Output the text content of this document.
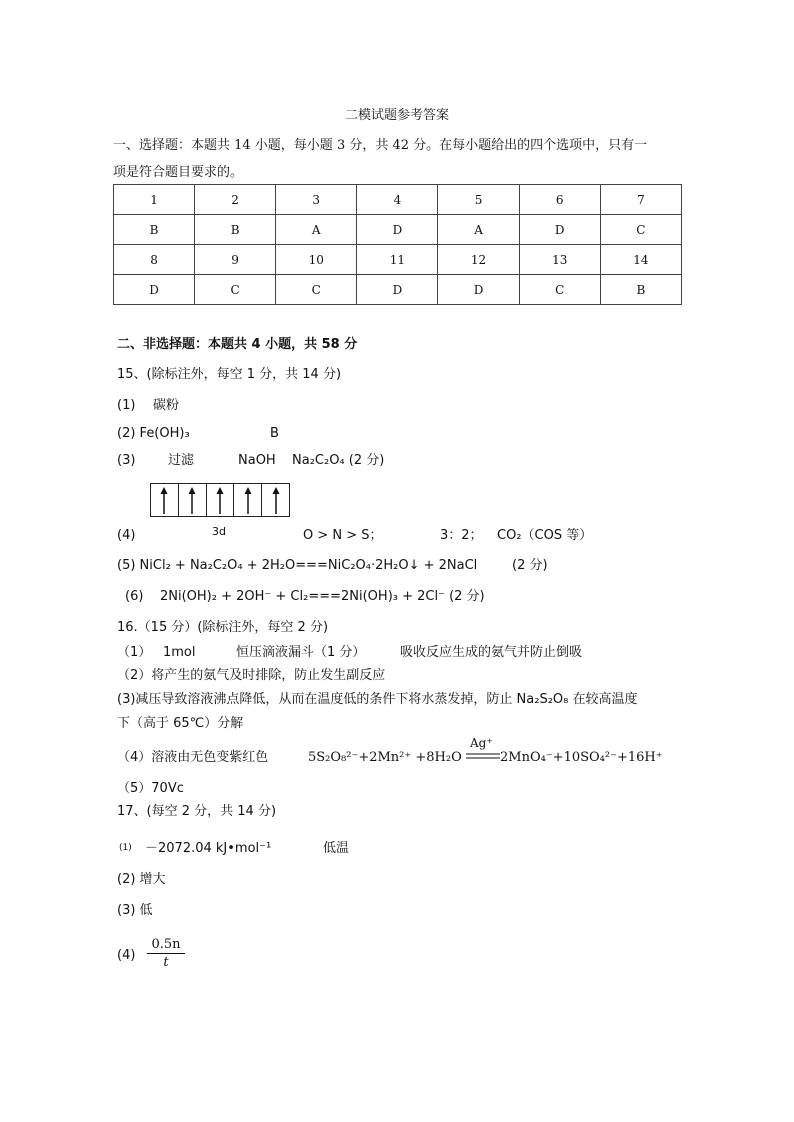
二模试题参考答案
一、选择题：本题共 14 小题，每小题 3 分，共 42 分。在每小题给出的四个选项中，只有一
项是符合题目要求的。
1	2	3	4	5	6	7
B	B	A	D	A	D	C
8	9	10	11	12	13	14
D	C	C	D	D	C	B
二、非选择题：本题共 4 小题，共 58 分
15、(除标注外，每空 1 分，共 14 分)
(1) 碳粉
(2) Fe(OH)₃	B
(3)	过滤	NaOH Na₂C₂O₄ (2 分)
3d
(4)	O > N > S；	3：2； CO₂（COS 等）
(5) NiCl₂ + Na₂C₂O₄ + 2H₂O===NiC₂O₄·2H₂O↓ + 2NaCl	(2 分)
(6) 2Ni(OH)₂ + 2OH⁻ + Cl₂===2Ni(OH)₃ + 2Cl⁻ (2 分)
16.（15 分）(除标注外，每空 2 分)
（1） 1mol	恒压滴液漏斗（1 分）	吸收反应生成的氨气并防止倒吸
（2）将产生的氨气及时排除，防止发生副反应
(3)减压导致溶液沸点降低，从而在温度低的条件下将水蒸发掉，防止 Na₂S₂O₈ 在较高温度
下（高于 65℃）分解
（4）溶液由无色变紫红色	5S₂O₈²⁻+2Mn²⁺ +8H₂O
Ag⁺
2MnO₄⁻+10SO₄²⁻+16H⁺
（5）70Vc
17、(每空 2 分，共 14 分)
(1) －2072.04 kJ•mol⁻¹	低温
(2) 增大
(3) 低
$(4) \frac{0.5n}{t}$
